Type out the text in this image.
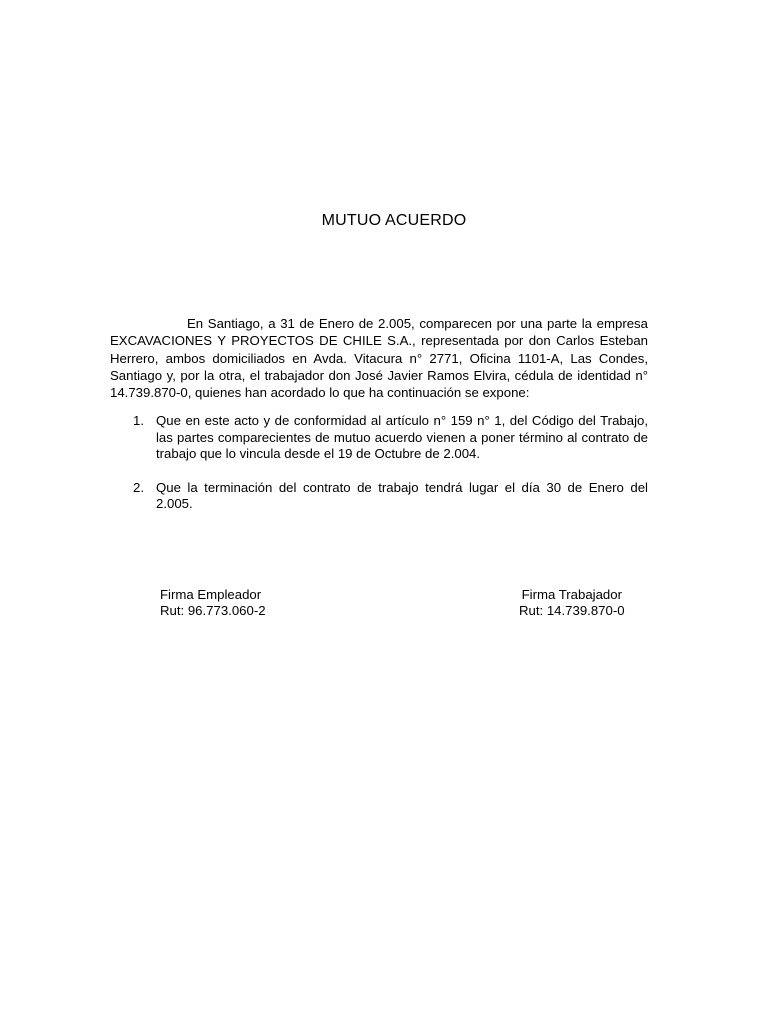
MUTUO ACUERDO

En Santiago, a 31 de Enero de 2.005, comparecen por una parte la empresa EXCAVACIONES Y PROYECTOS DE CHILE S.A., representada por don Carlos Esteban Herrero, ambos domiciliados en Avda. Vitacura n° 2771, Oficina 1101-A, Las Condes, Santiago y, por la otra, el trabajador don José Javier Ramos Elvira, cédula de identidad n° 14.739.870-0, quienes han acordado lo que ha continuación se expone:

1. Que en este acto y de conformidad al artículo n° 159 n° 1, del Código del Trabajo, las partes comparecientes de mutuo acuerdo vienen a poner término al contrato de trabajo que lo vincula desde el 19 de Octubre de 2.004.
2. Que la terminación del contrato de trabajo tendrá lugar el día 30 de Enero del 2.005.
Firma Empleador
Rut: 96.773.060-2
Firma Trabajador
Rut: 14.739.870-0
